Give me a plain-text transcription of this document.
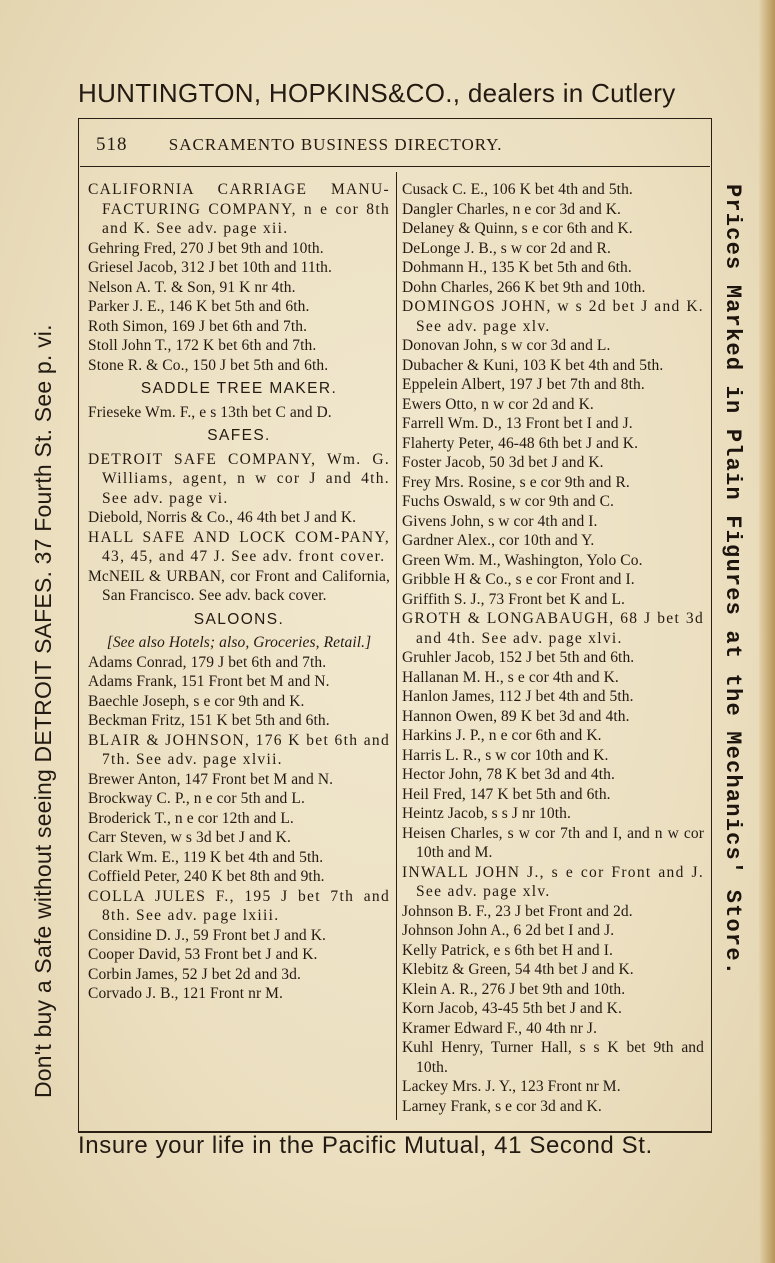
HUNTINGTON, HOPKINS&CO., dealers in Cutlery
Don't buy a Safe without seeing DETROIT SAFES. 37 Fourth St. See p. vi.	Prices Marked in Plain Figures at the Mechanics' Store.
518 SACRAMENTO BUSINESS DIRECTORY.
CALIFORNIA CARRIAGE MANU-FACTURING COMPANY, n e cor 8th and K. See adv. page xii.
Gehring Fred, 270 J bet 9th and 10th.
Griesel Jacob, 312 J bet 10th and 11th.
Nelson A. T. & Son, 91 K nr 4th.
Parker J. E., 146 K bet 5th and 6th.
Roth Simon, 169 J bet 6th and 7th.
Stoll John T., 172 K bet 6th and 7th.
Stone R. & Co., 150 J bet 5th and 6th.
SADDLE TREE MAKER.
Frieseke Wm. F., e s 13th bet C and D.
SAFES.
DETROIT SAFE COMPANY, Wm. G. Williams, agent, n w cor J and 4th. See adv. page vi.
Diebold, Norris & Co., 46 4th bet J and K.
HALL SAFE AND LOCK COM-PANY, 43, 45, and 47 J. See adv. front cover.
McNEIL & URBAN, cor Front and California, San Francisco. See adv. back cover.
SALOONS.
[See also Hotels; also, Groceries, Retail.]
Adams Conrad, 179 J bet 6th and 7th.
Adams Frank, 151 Front bet M and N.
Baechle Joseph, s e cor 9th and K.
Beckman Fritz, 151 K bet 5th and 6th.
BLAIR & JOHNSON, 176 K bet 6th and 7th. See adv. page xlvii.
Brewer Anton, 147 Front bet M and N.
Brockway C. P., n e cor 5th and L.
Broderick T., n e cor 12th and L.
Carr Steven, w s 3d bet J and K.
Clark Wm. E., 119 K bet 4th and 5th.
Coffield Peter, 240 K bet 8th and 9th.
COLLA JULES F., 195 J bet 7th and 8th. See adv. page lxiii.
Considine D. J., 59 Front bet J and K.
Cooper David, 53 Front bet J and K.
Corbin James, 52 J bet 2d and 3d.
Corvado J. B., 121 Front nr M.
Cusack C. E., 106 K bet 4th and 5th.
Dangler Charles, n e cor 3d and K.
Delaney & Quinn, s e cor 6th and K.
DeLonge J. B., s w cor 2d and R.
Dohmann H., 135 K bet 5th and 6th.
Dohn Charles, 266 K bet 9th and 10th.
DOMINGOS JOHN, w s 2d bet J and K. See adv. page xlv.
Donovan John, s w cor 3d and L.
Dubacher & Kuni, 103 K bet 4th and 5th.
Eppelein Albert, 197 J bet 7th and 8th.
Ewers Otto, n w cor 2d and K.
Farrell Wm. D., 13 Front bet I and J.
Flaherty Peter, 46-48 6th bet J and K.
Foster Jacob, 50 3d bet J and K.
Frey Mrs. Rosine, s e cor 9th and R.
Fuchs Oswald, s w cor 9th and C.
Givens John, s w cor 4th and I.
Gardner Alex., cor 10th and Y.
Green Wm. M., Washington, Yolo Co.
Gribble H & Co., s e cor Front and I.
Griffith S. J., 73 Front bet K and L.
GROTH & LONGABAUGH, 68 J bet 3d and 4th. See adv. page xlvi.
Gruhler Jacob, 152 J bet 5th and 6th.
Hallanan M. H., s e cor 4th and K.
Hanlon James, 112 J bet 4th and 5th.
Hannon Owen, 89 K bet 3d and 4th.
Harkins J. P., n e cor 6th and K.
Harris L. R., s w cor 10th and K.
Hector John, 78 K bet 3d and 4th.
Heil Fred, 147 K bet 5th and 6th.
Heintz Jacob, s s J nr 10th.
Heisen Charles, s w cor 7th and I, and n w cor 10th and M.
INWALL JOHN J., s e cor Front and J. See adv. page xlv.
Johnson B. F., 23 J bet Front and 2d.
Johnson John A., 6 2d bet I and J.
Kelly Patrick, e s 6th bet H and I.
Klebitz & Green, 54 4th bet J and K.
Klein A. R., 276 J bet 9th and 10th.
Korn Jacob, 43-45 5th bet J and K.
Kramer Edward F., 40 4th nr J.
Kuhl Henry, Turner Hall, s s K bet 9th and 10th.
Lackey Mrs. J. Y., 123 Front nr M.
Larney Frank, s e cor 3d and K.
Insure your life in the Pacific Mutual, 41 Second St.
